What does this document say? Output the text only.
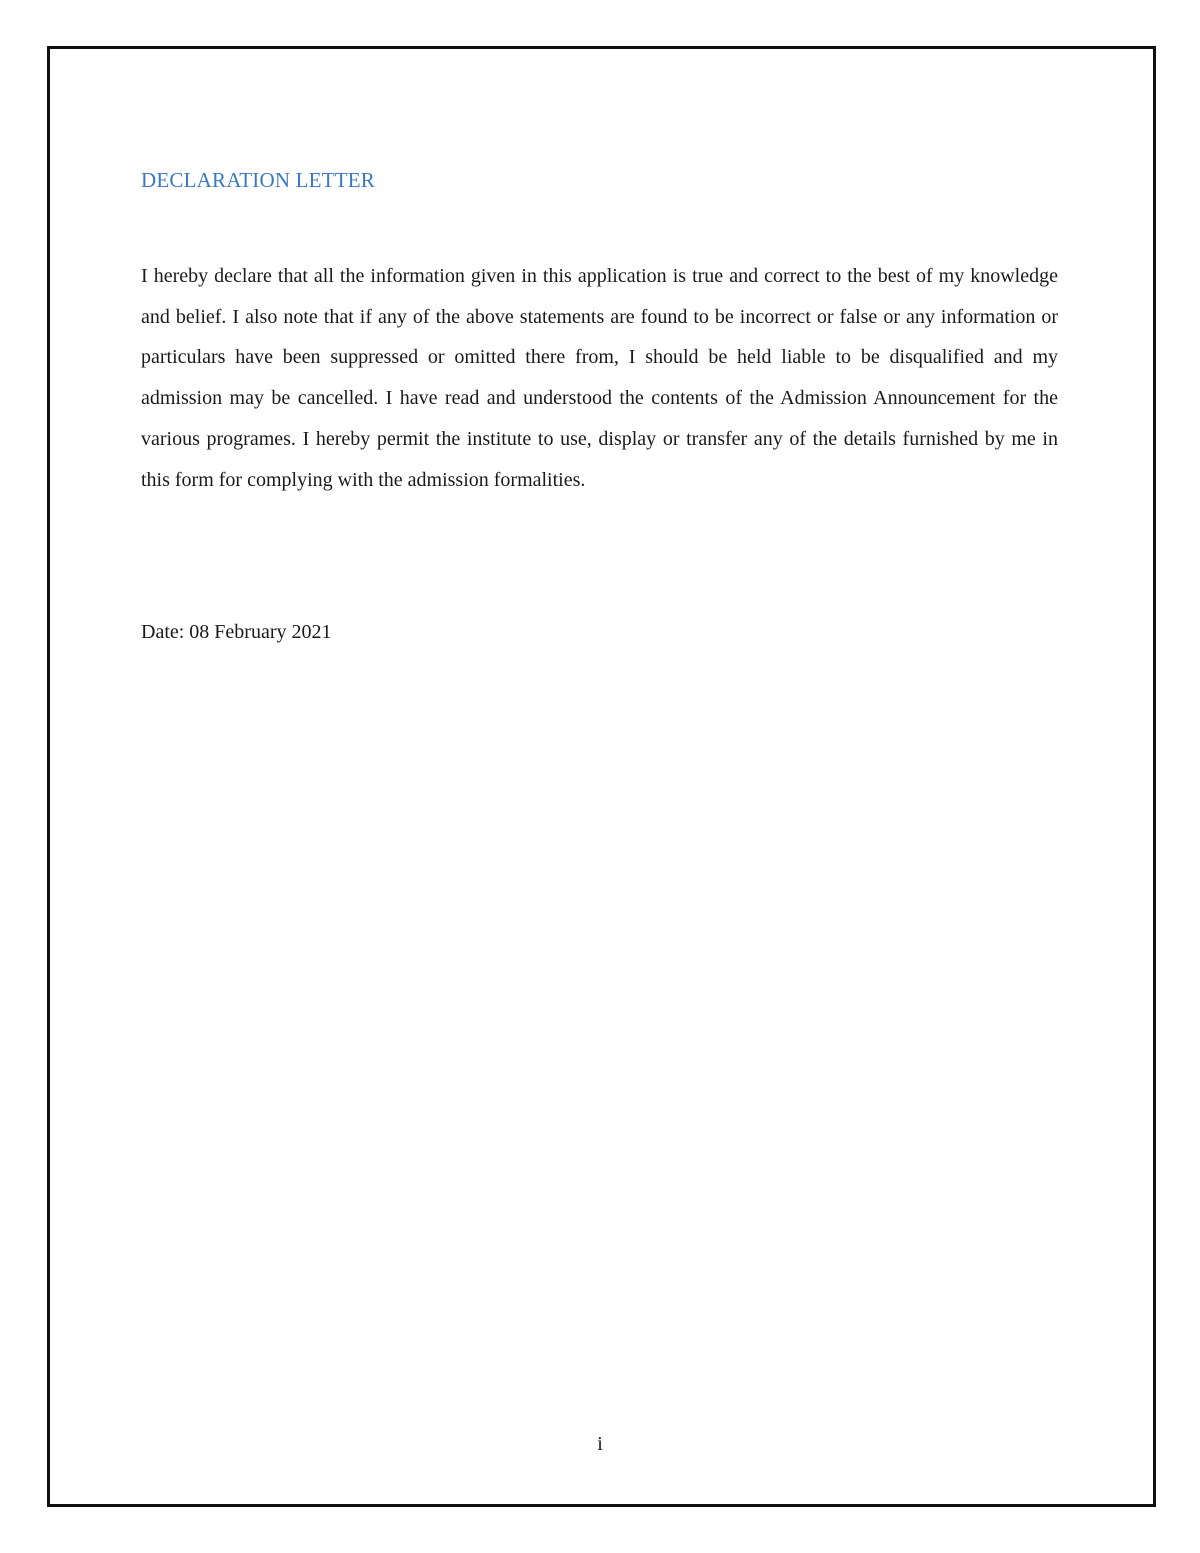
DECLARATION LETTER

I hereby declare that all the information given in this application is true and correct to the best of my knowledge and belief. I also note that if any of the above statements are found to be incorrect or false or any information or particulars have been suppressed or omitted there from, I should be held liable to be disqualified and my admission may be cancelled. I have read and understood the contents of the Admission Announcement for the various programes. I hereby permit the institute to use, display or transfer any of the details furnished by me in this form for complying with the admission formalities.

Date: 08 February 2021

i
